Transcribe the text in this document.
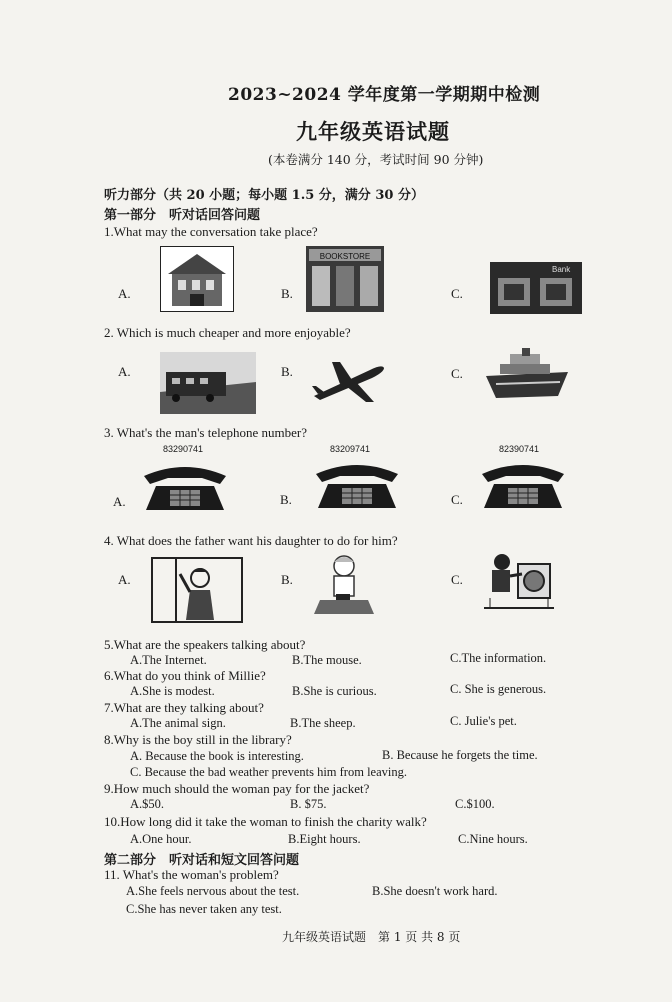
2023~2024 学年度第一学期期中检测
九年级英语试题
(本卷满分 140 分，考试时间 90 分钟)
听力部分（共 20 小题；每小题 1.5 分，满分 30 分）
第一部分　听对话回答问题
1.What may the conversation take place?
A.	B.	C.
BOOKSTORE
Bank
2. Which is much cheaper and more enjoyable?
A.	B.	C.
3. What's the man's telephone number?
83290741	83209741	82390741
A.	B.	C.
4. What does the father want his daughter to do for him?
A.	B.	C.
5.What are the speakers talking about?
A.The Internet.	B.The mouse.	C.The information.
6.What do you think of Millie?
A.She is modest.	B.She is curious.	C. She is generous.
7.What are they talking about?
A.The animal sign.	B.The sheep.	C. Julie's pet.
8.Why is the boy still in the library?
A. Because the book is interesting.	B. Because he forgets the time.
C. Because the bad weather prevents him from leaving.
9.How much should the woman pay for the jacket?
A.$50.	B. $75.	C.$100.
10.How long did it take the woman to finish the charity walk?
A.One hour.	B.Eight hours.	C.Nine hours.
第二部分　听对话和短文回答问题
11. What's the woman's problem?
A.She feels nervous about the test.	B.She doesn't work hard.
C.She has never taken any test.
九年级英语试题　第 1 页 共 8 页
